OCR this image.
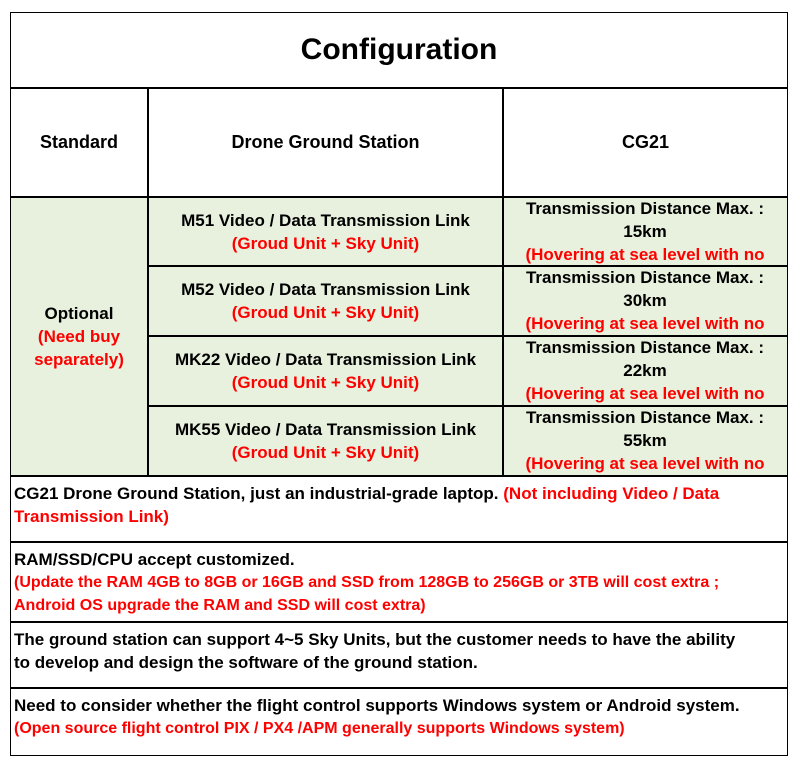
Configuration
Standard	Drone Ground Station	CG21
Optional
(Need buy
separately)
M51 Video / Data Transmission Link
(Groud Unit + Sky Unit)
Transmission Distance Max. :
15km
(Hovering at sea level with no
M52 Video / Data Transmission Link
(Groud Unit + Sky Unit)
Transmission Distance Max. :
30km
(Hovering at sea level with no
MK22 Video / Data Transmission Link
(Groud Unit + Sky Unit)
Transmission Distance Max. :
22km
(Hovering at sea level with no
MK55 Video / Data Transmission Link
(Groud Unit + Sky Unit)
Transmission Distance Max. :
55km
(Hovering at sea level with no
CG21 Drone Ground Station, just an industrial-grade laptop. (Not including Video / Data Transmission Link)
RAM/SSD/CPU accept customized.
(Update the RAM 4GB to 8GB or 16GB and SSD from 128GB to 256GB or 3TB will cost extra ;
Android OS upgrade the RAM and SSD will cost extra)
The ground station can support 4~5 Sky Units, but the customer needs to have the ability
to develop and design the software of the ground station.
Need to consider whether the flight control supports Windows system or Android system.
(Open source flight control PIX / PX4 /APM generally supports Windows system)
